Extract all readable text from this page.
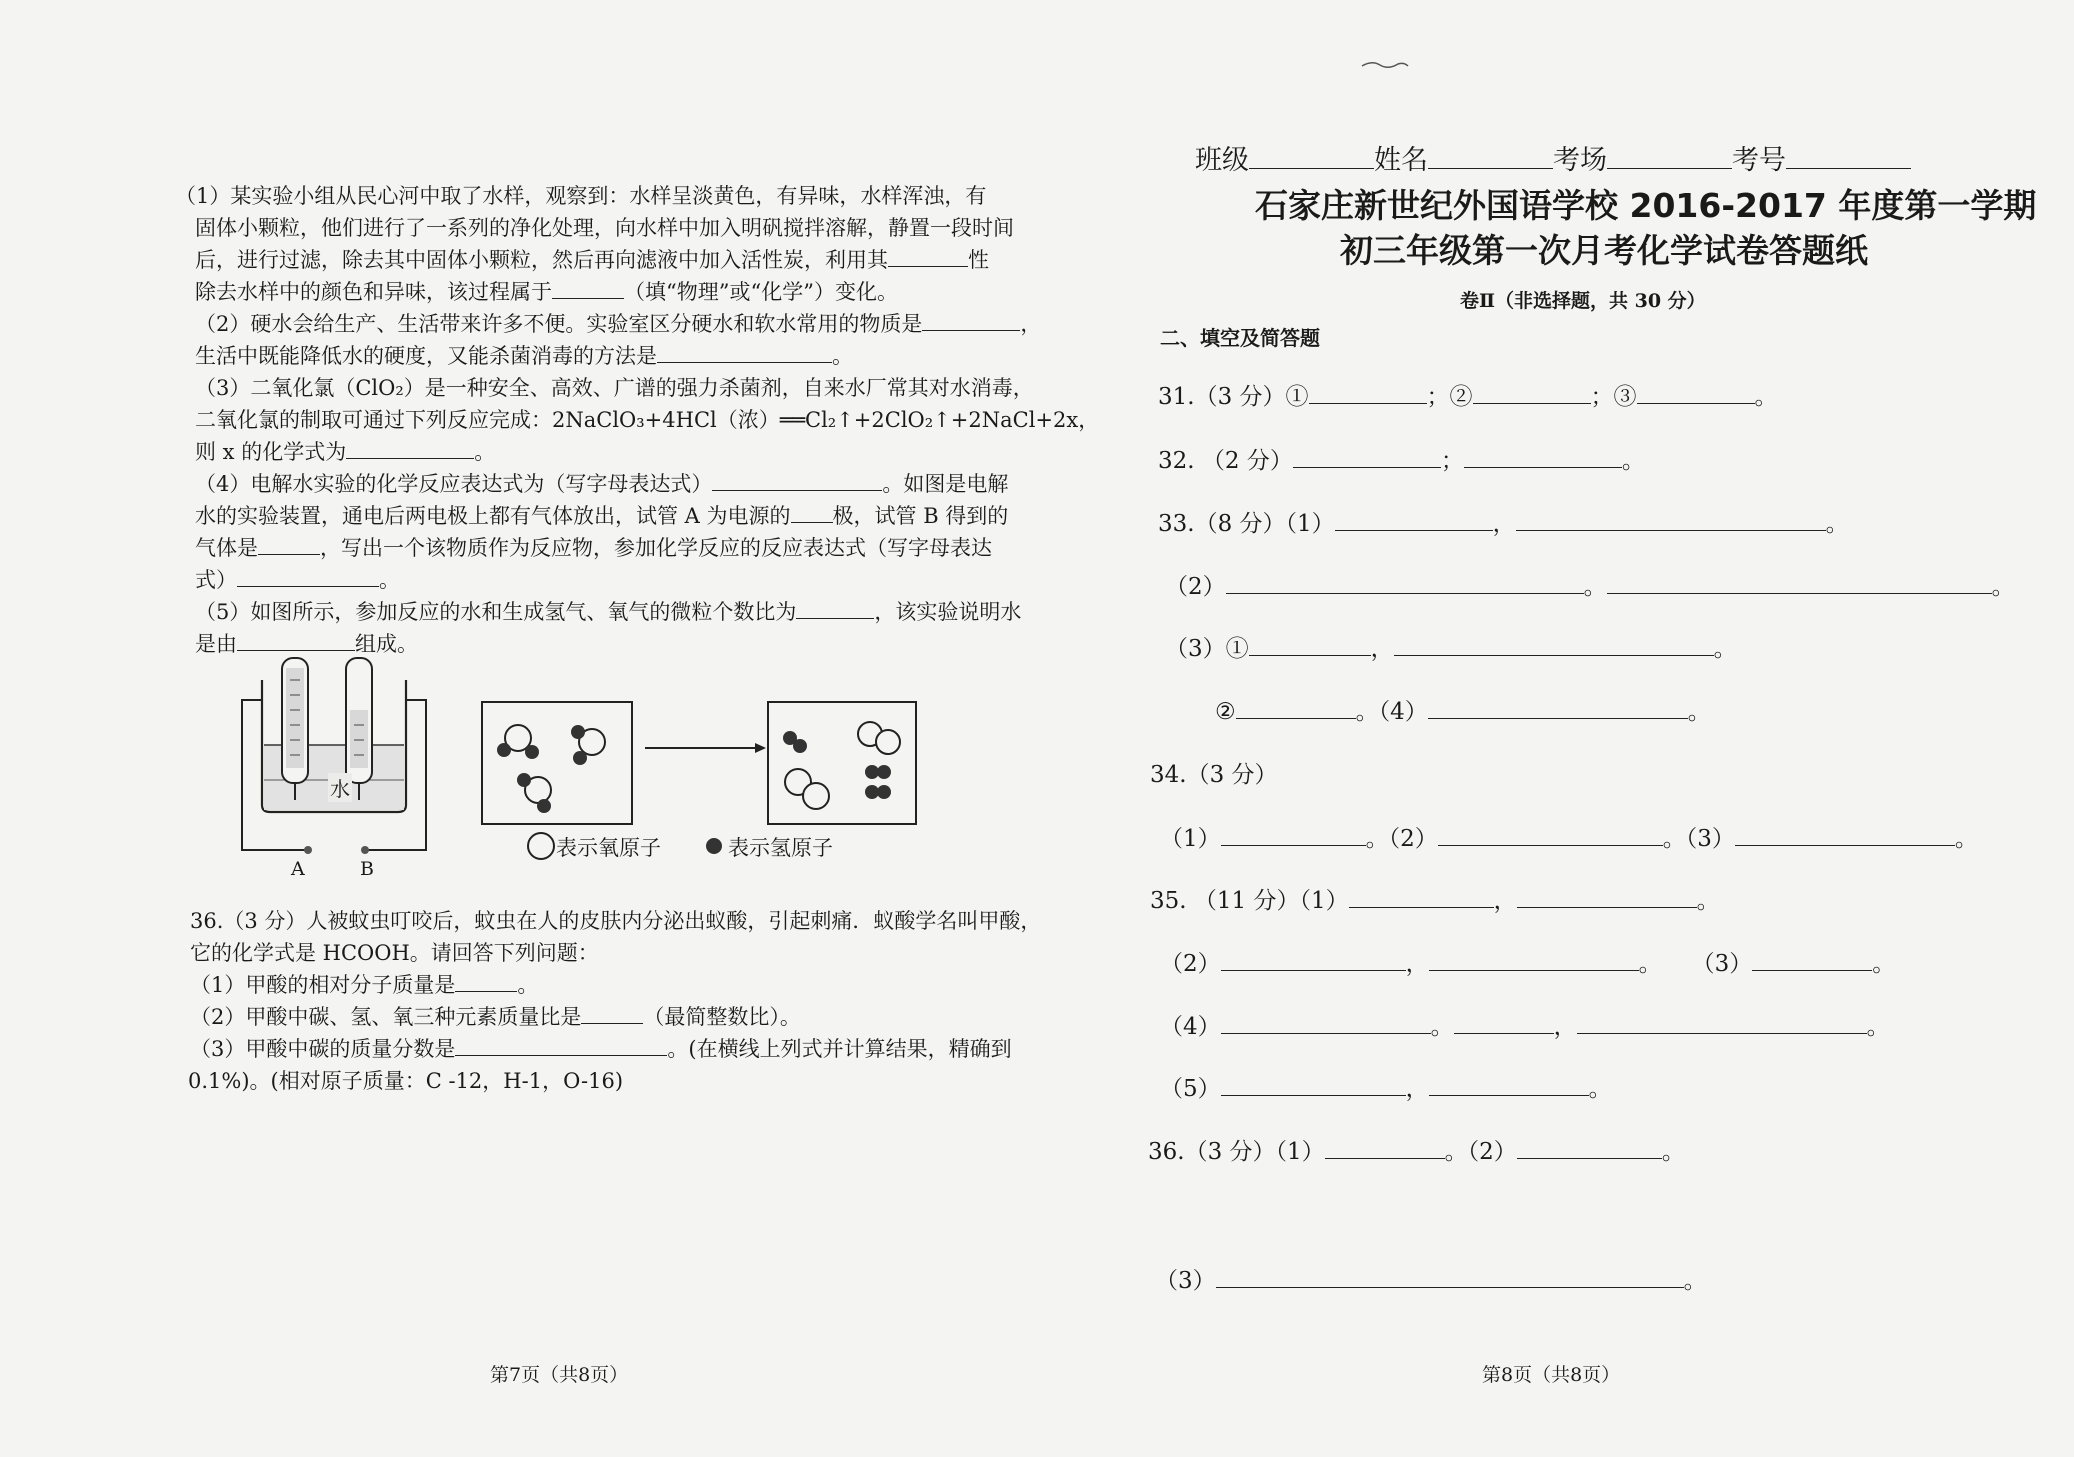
（1）某实验小组从民心河中取了水样，观察到：水样呈淡黄色，有异味，水样浑浊，有
固体小颗粒，他们进行了一系列的净化处理，向水样中加入明矾搅拌溶解，静置一段时间
后，进行过滤，除去其中固体小颗粒，然后再向滤液中加入活性炭，利用其	性
除去水样中的颜色和异味，该过程属于	（填“物理”或“化学”）变化。
（2）硬水会给生产、生活带来许多不便。实验室区分硬水和软水常用的物质是	，
生活中既能降低水的硬度，又能杀菌消毒的方法是	。
（3）二氧化氯（ClO₂）是一种安全、高效、广谱的强力杀菌剂，自来水厂常其对水消毒，
二氧化氯的制取可通过下列反应完成：2NaClO₃+4HCl（浓）══Cl₂↑+2ClO₂↑+2NaCl+2x，
则 x 的化学式为	。
（4）电解水实验的化学反应表达式为（写字母表达式）	。如图是电解
水的实验装置，通电后两电极上都有气体放出，试管 A 为电源的 极，试管 B 得到的
气体是	，写出一个该物质作为反应物，参加化学反应的反应表达式（写字母表达
式）	。
（5）如图所示，参加反应的水和生成氢气、氧气的微粒个数比为	，该实验说明水
是由	组成。
水
A	B
表示氧原子	表示氢原子
36.（3 分）人被蚊虫叮咬后，蚊虫在人的皮肤内分泌出蚁酸，引起刺痛．蚁酸学名叫甲酸，
它的化学式是 HCOOH。请回答下列问题：
（1）甲酸的相对分子质量是	。
（2）甲酸中碳、氢、氧三种元素质量比是	（最简整数比）。
（3）甲酸中碳的质量分数是	。(在横线上列式并计算结果，精确到
0.1%)。(相对原子质量：C -12，H-1，O-16)
第7页（共8页）
班级	姓名	考场	考号
石家庄新世纪外国语学校 2016-2017 年度第一学期
初三年级第一次月考化学试卷答题纸
卷Ⅱ（非选择题，共 30 分）
二、填空及简答题
31.（3 分）①	；②	；③	。
32. （2 分）	；	。
33.（8 分）（1）	，	。
（2）	。	。
（3）①	，	。
②	。（4）	。
34.（3 分）
（1）	。（2）	。（3）	。
35. （11 分）（1）	，	。
（2）	，	。 （3）	。
（4）	。	，	。
（5）	，	。
36.（3 分）（1）	。（2）	。
（3）	。
第8页（共8页）
